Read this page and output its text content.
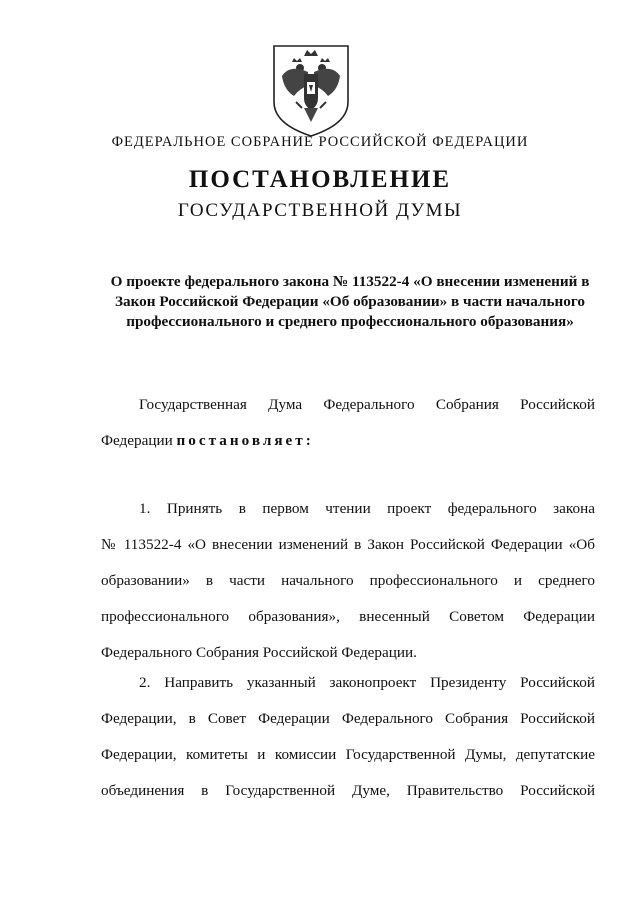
ФЕДЕРАЛЬНОЕ СОБРАНИЕ РОССИЙСКОЙ ФЕДЕРАЦИИ
ПОСТАНОВЛЕНИЕ
ГОСУДАРСТВЕННОЙ ДУМЫ
О проекте федерального закона № 113522-4 «О внесении изменений в
Закон Российской Федерации «Об образовании» в части начального
профессионального и среднего профессионального образования»
Государственная Дума Федерального Собрания Российской
Федерации постановляет:
1. Принять в первом чтении проект федерального закона
№ 113522-4 «О внесении изменений в Закон Российской Федерации «Об
образовании» в части начального профессионального и среднего
профессионального образования», внесенный Советом Федерации
Федерального Собрания Российской Федерации.
2. Направить указанный законопроект Президенту Российской
Федерации, в Совет Федерации Федерального Собрания Российской
Федерации, комитеты и комиссии Государственной Думы, депутатские
объединения в Государственной Думе, Правительство Российской
